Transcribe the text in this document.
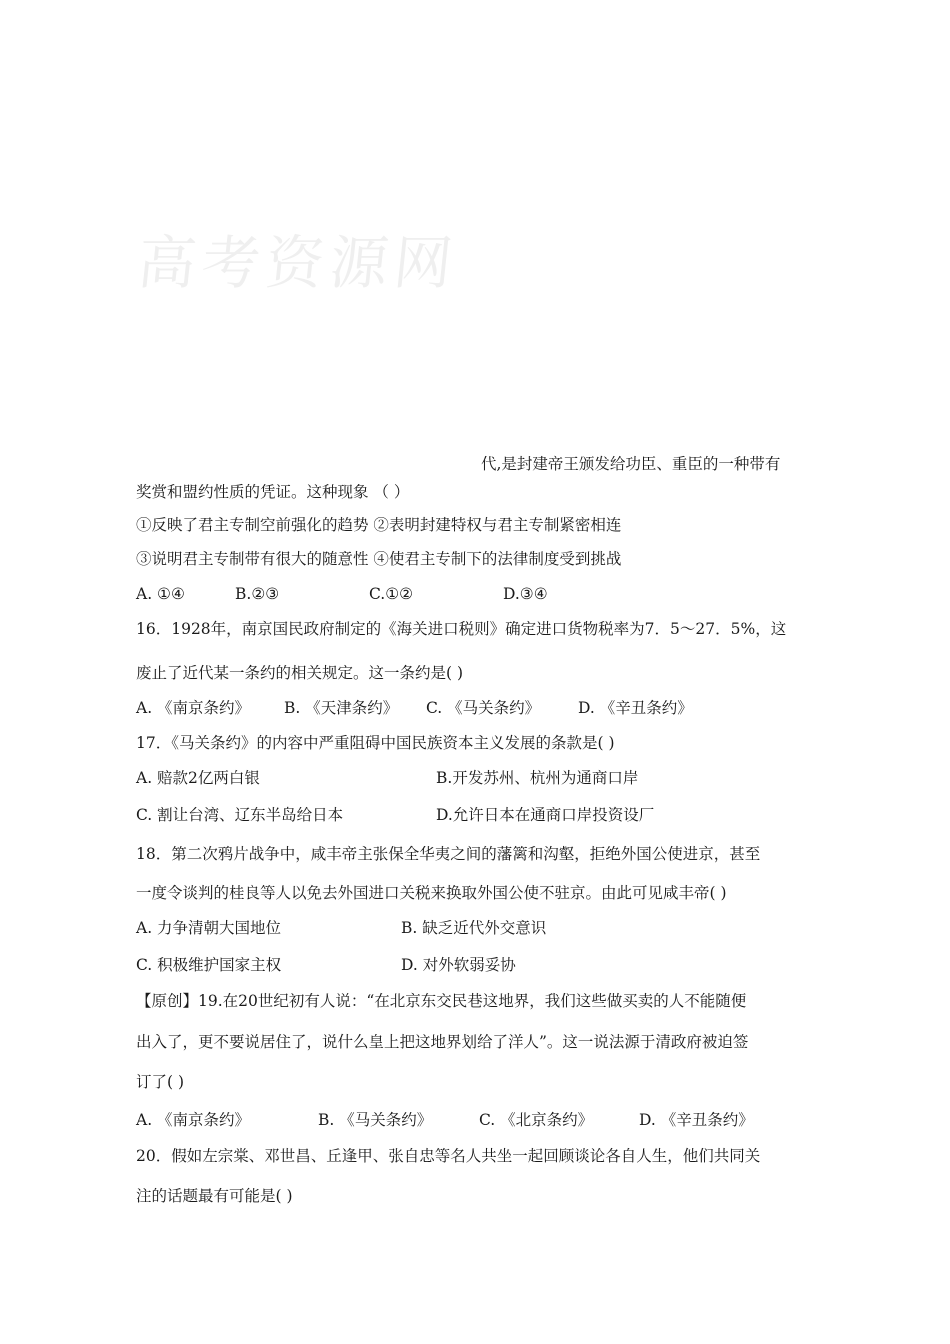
高考资源网
代,是封建帝王颁发给功臣、重臣的一种带有
奖赏和盟约性质的凭证。这种现象 （ ）
①反映了君主专制空前强化的趋势 ②表明封建特权与君主专制紧密相连
③说明君主专制带有很大的随意性 ④使君主专制下的法律制度受到挑战
A. ①④	B.②③	C.①②	D.③④
16．1928年，南京国民政府制定的《海关进口税则》确定进口货物税率为7．5～27．5%，这
废止了近代某一条约的相关规定。这一条约是( )
A. 《南京条约》 B. 《天津条约》 C. 《马关条约》 D. 《辛丑条约》
17．《马关条约》的内容中严重阻碍中国民族资本主义发展的条款是( )
A. 赔款2亿两白银	B.开发苏州、杭州为通商口岸
C. 割让台湾、辽东半岛给日本	D.允许日本在通商口岸投资设厂
18．第二次鸦片战争中，咸丰帝主张保全华夷之间的藩篱和沟壑，拒绝外国公使进京，甚至
一度令谈判的桂良等人以免去外国进口关税来换取外国公使不驻京。由此可见咸丰帝( )
A. 力争清朝大国地位	B. 缺乏近代外交意识
C. 积极维护国家主权	D. 对外软弱妥协
【原创】19.在20世纪初有人说：“在北京东交民巷这地界，我们这些做买卖的人不能随便
出入了，更不要说居住了，说什么皇上把这地界划给了洋人”。这一说法源于清政府被迫签
订了( )
A. 《南京条约》	B. 《马关条约》	C. 《北京条约》	D. 《辛丑条约》
20．假如左宗棠、邓世昌、丘逢甲、张自忠等名人共坐一起回顾谈论各自人生，他们共同关
注的话题最有可能是( )
